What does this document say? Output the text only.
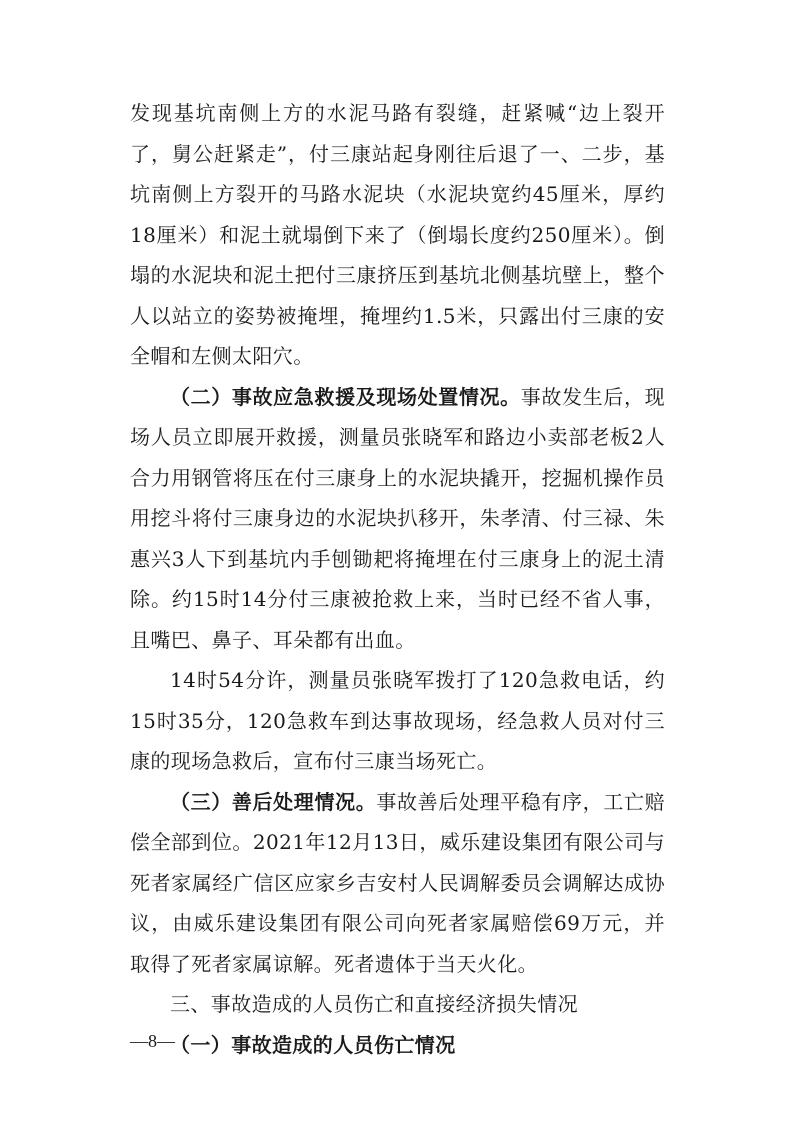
发现基坑南侧上方的水泥马路有裂缝，赶紧喊“边上裂开了，舅公赶紧走”，付三康站起身刚往后退了一、二步，基坑南侧上方裂开的马路水泥块（水泥块宽约45厘米，厚约18厘米）和泥土就塌倒下来了（倒塌长度约250厘米）。倒塌的水泥块和泥土把付三康挤压到基坑北侧基坑壁上，整个人以站立的姿势被掩埋，掩埋约1.5米，只露出付三康的安全帽和左侧太阳穴。

（二）事故应急救援及现场处置情况。事故发生后，现场人员立即展开救援，测量员张晓军和路边小卖部老板2人合力用钢管将压在付三康身上的水泥块撬开，挖掘机操作员用挖斗将付三康身边的水泥块扒移开，朱孝清、付三禄、朱惠兴3人下到基坑内手刨锄耙将掩埋在付三康身上的泥土清除。约15时14分付三康被抢救上来，当时已经不省人事，且嘴巴、鼻子、耳朵都有出血。

14时54分许，测量员张晓军拨打了120急救电话，约15时35分，120急救车到达事故现场，经急救人员对付三康的现场急救后，宣布付三康当场死亡。

（三）善后处理情况。事故善后处理平稳有序，工亡赔偿全部到位。2021年12月13日，威乐建设集团有限公司与死者家属经广信区应家乡吉安村人民调解委员会调解达成协议，由威乐建设集团有限公司向死者家属赔偿69万元，并取得了死者家属谅解。死者遗体于当天火化。

三、事故造成的人员伤亡和直接经济损失情况

（一）事故造成的人员伤亡情况

—8—
